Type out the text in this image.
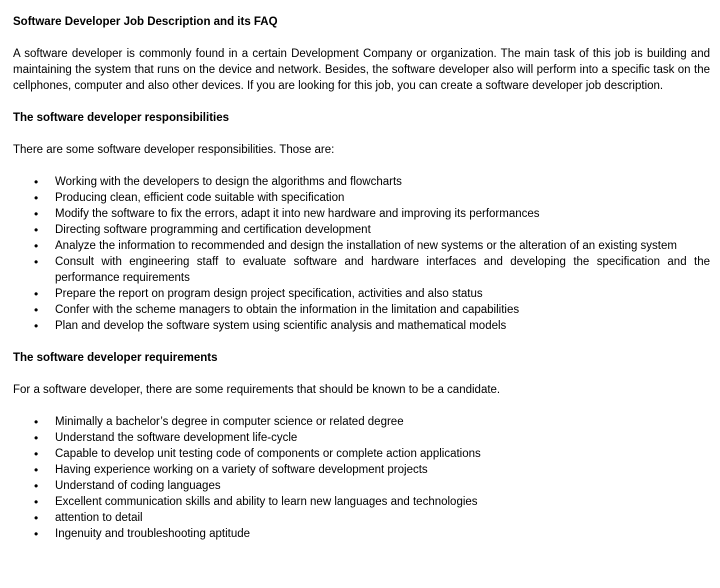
Software Developer Job Description and its FAQ

A software developer is commonly found in a certain Development Company or organization. The main task of this job is building and maintaining the system that runs on the device and network. Besides, the software developer also will perform into a specific task on the cellphones, computer and also other devices. If you are looking for this job, you can create a software developer job description.

The software developer responsibilities

There are some software developer responsibilities. Those are:

• Working with the developers to design the algorithms and flowcharts
• Producing clean, efficient code suitable with specification
• Modify the software to fix the errors, adapt it into new hardware and improving its performances
• Directing software programming and certification development
• Analyze the information to recommended and design the installation of new systems or the alteration of an existing system
• Consult with engineering staff to evaluate software and hardware interfaces and developing the specification and the performance requirements
• Prepare the report on program design project specification, activities and also status
• Confer with the scheme managers to obtain the information in the limitation and capabilities
• Plan and develop the software system using scientific analysis and mathematical models
The software developer requirements

For a software developer, there are some requirements that should be known to be a candidate.

• Minimally a bachelor’s degree in computer science or related degree
• Understand the software development life-cycle
• Capable to develop unit testing code of components or complete action applications
• Having experience working on a variety of software development projects
• Understand of coding languages
• Excellent communication skills and ability to learn new languages and technologies
• attention to detail
• Ingenuity and troubleshooting aptitude
